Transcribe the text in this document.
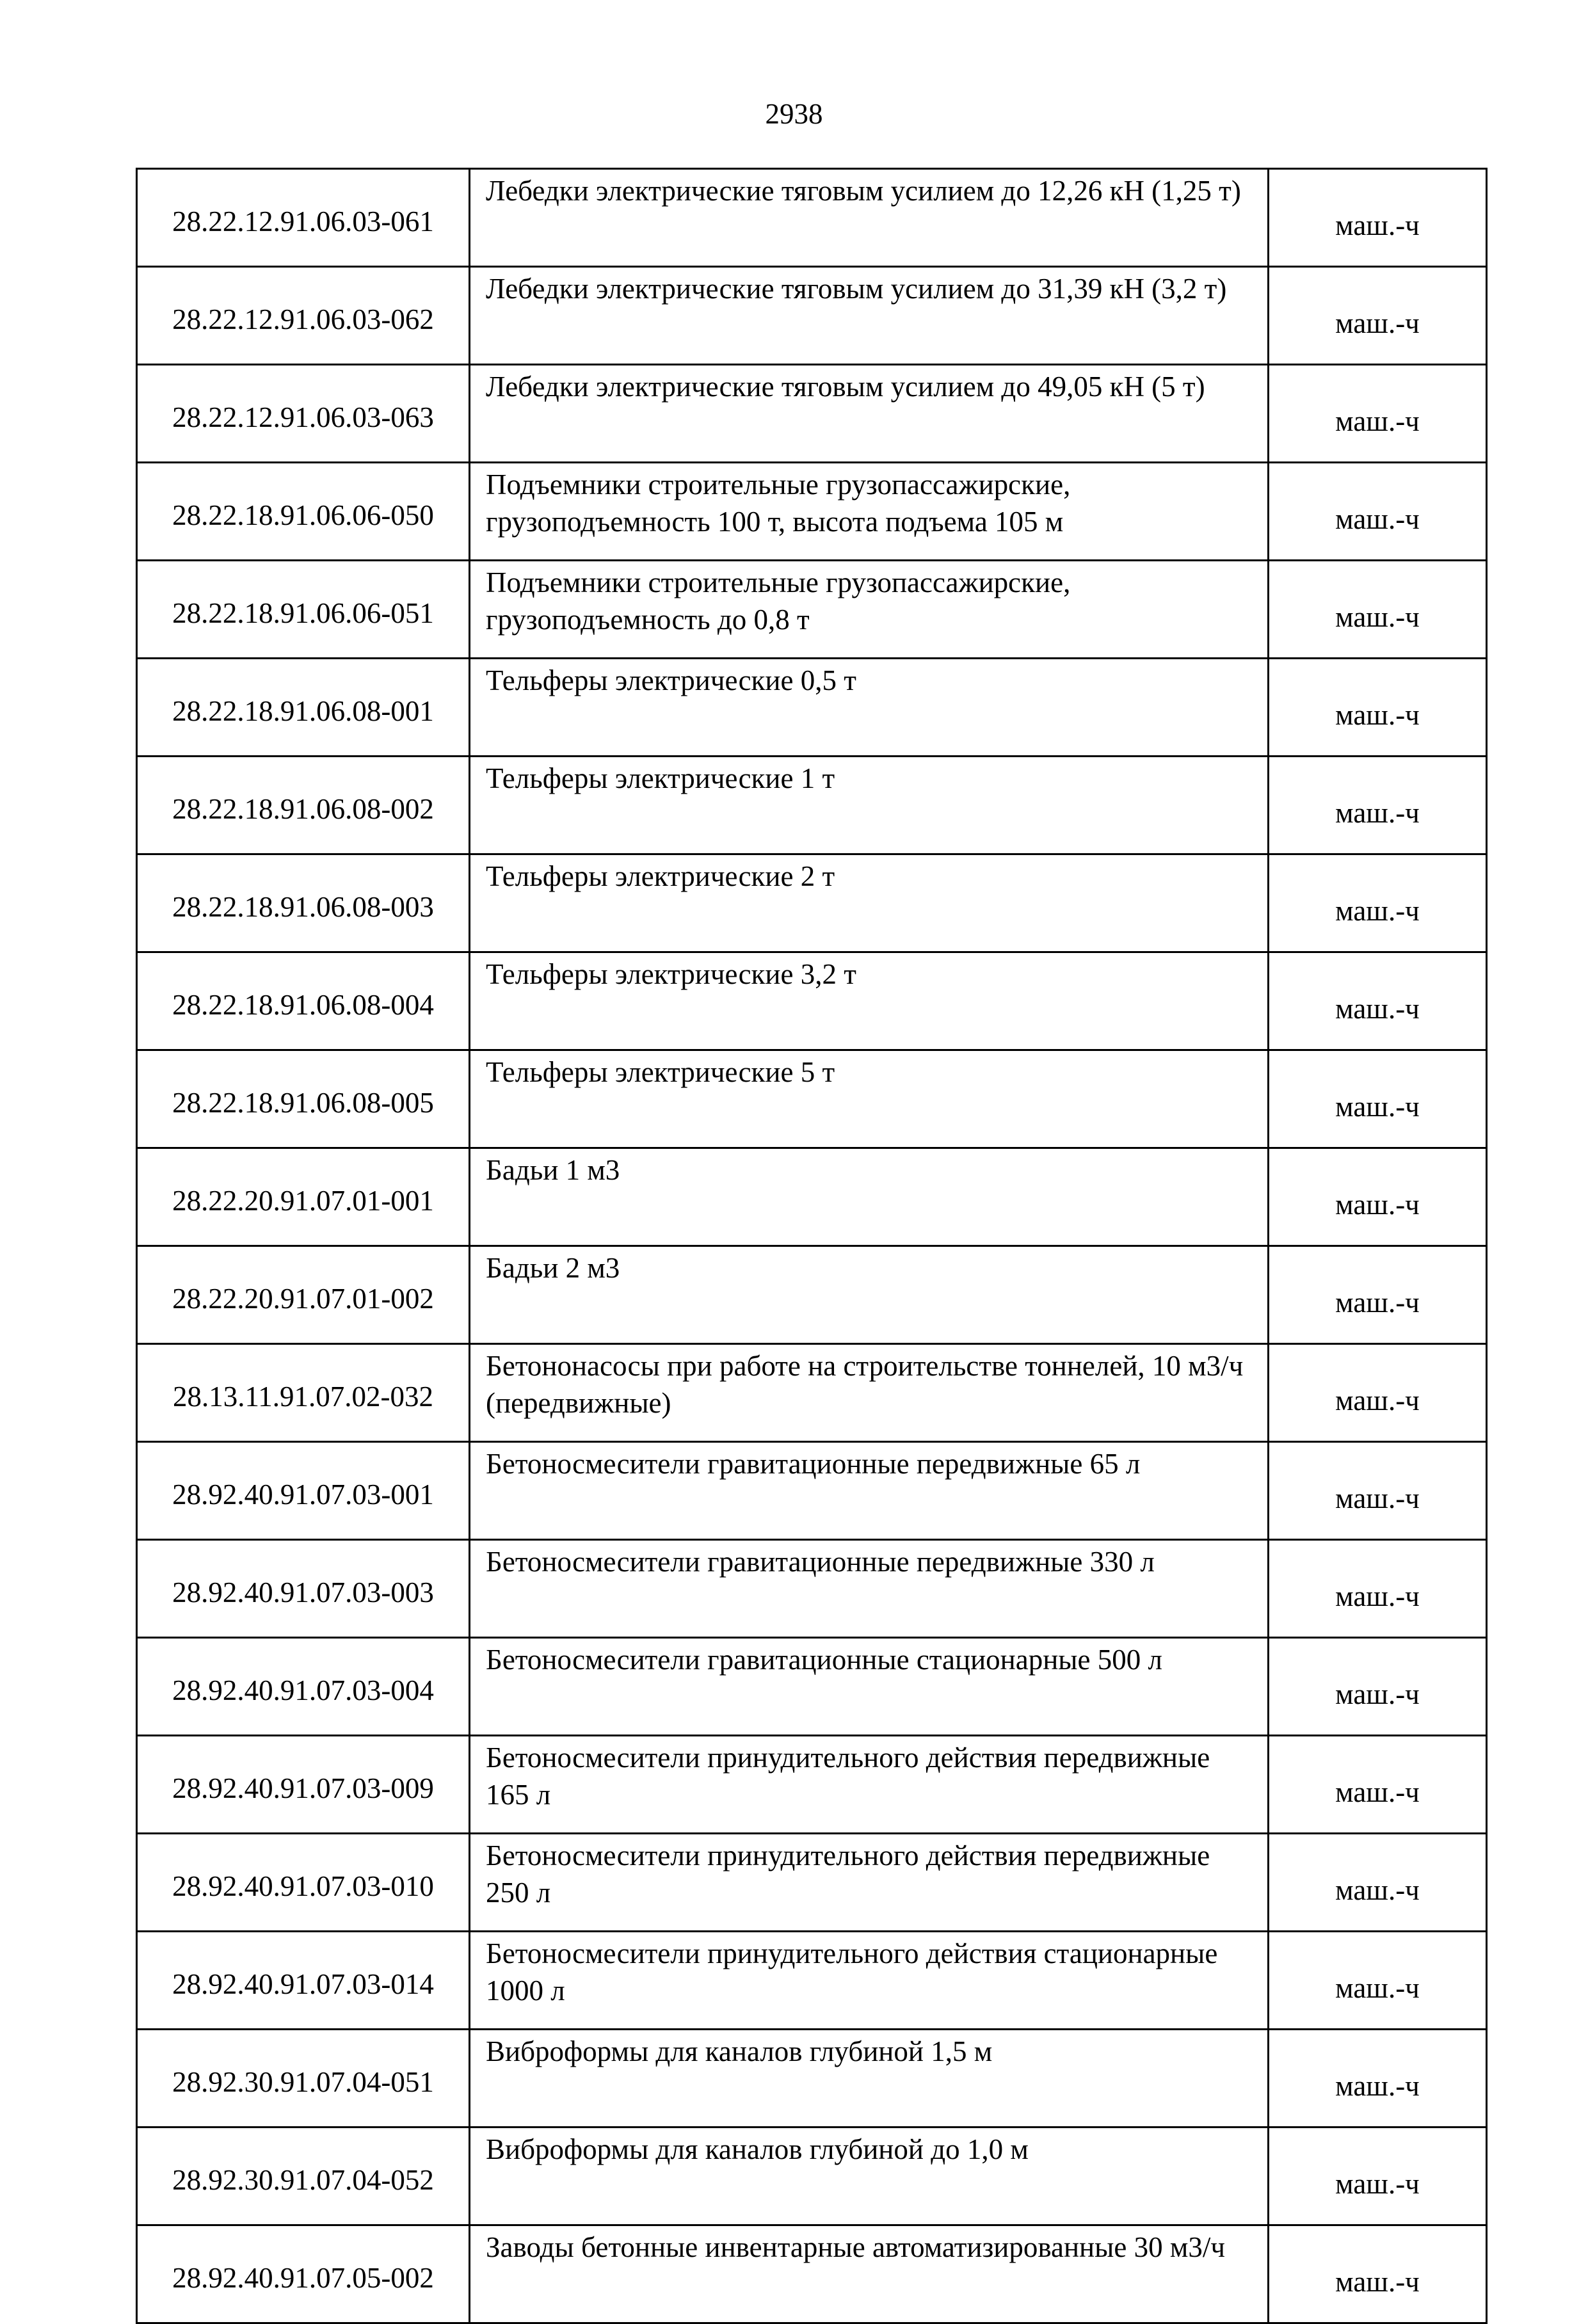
2938
28.22.12.91.06.03-061	Лебедки электрические тяговым усилием до 12,26 кН (1,25 т)	маш.-ч
28.22.12.91.06.03-062	Лебедки электрические тяговым усилием до 31,39 кН (3,2 т)	маш.-ч
28.22.12.91.06.03-063	Лебедки электрические тяговым усилием до 49,05 кН (5 т)	маш.-ч
28.22.18.91.06.06-050	Подъемники строительные грузопассажирские, грузоподъемность 100 т, высота подъема 105 м	маш.-ч
28.22.18.91.06.06-051	Подъемники строительные грузопассажирские, грузоподъемность до 0,8 т	маш.-ч
28.22.18.91.06.08-001	Тельферы электрические 0,5 т	маш.-ч
28.22.18.91.06.08-002	Тельферы электрические 1 т	маш.-ч
28.22.18.91.06.08-003	Тельферы электрические 2 т	маш.-ч
28.22.18.91.06.08-004	Тельферы электрические 3,2 т	маш.-ч
28.22.18.91.06.08-005	Тельферы электрические 5 т	маш.-ч
28.22.20.91.07.01-001	Бадьи 1 м3	маш.-ч
28.22.20.91.07.01-002	Бадьи 2 м3	маш.-ч
28.13.11.91.07.02-032	Бетононасосы при работе на строительстве тоннелей, 10 м3/ч (передвижные)	маш.-ч
28.92.40.91.07.03-001	Бетоносмесители гравитационные передвижные 65 л	маш.-ч
28.92.40.91.07.03-003	Бетоносмесители гравитационные передвижные 330 л	маш.-ч
28.92.40.91.07.03-004	Бетоносмесители гравитационные стационарные 500 л	маш.-ч
28.92.40.91.07.03-009	Бетоносмесители принудительного действия передвижные 165 л	маш.-ч
28.92.40.91.07.03-010	Бетоносмесители принудительного действия передвижные 250 л	маш.-ч
28.92.40.91.07.03-014	Бетоносмесители принудительного действия стационарные 1000 л	маш.-ч
28.92.30.91.07.04-051	Виброформы для каналов глубиной 1,5 м	маш.-ч
28.92.30.91.07.04-052	Виброформы для каналов глубиной до 1,0 м	маш.-ч
28.92.40.91.07.05-002	Заводы бетонные инвентарные автоматизированные 30 м3/ч	маш.-ч
